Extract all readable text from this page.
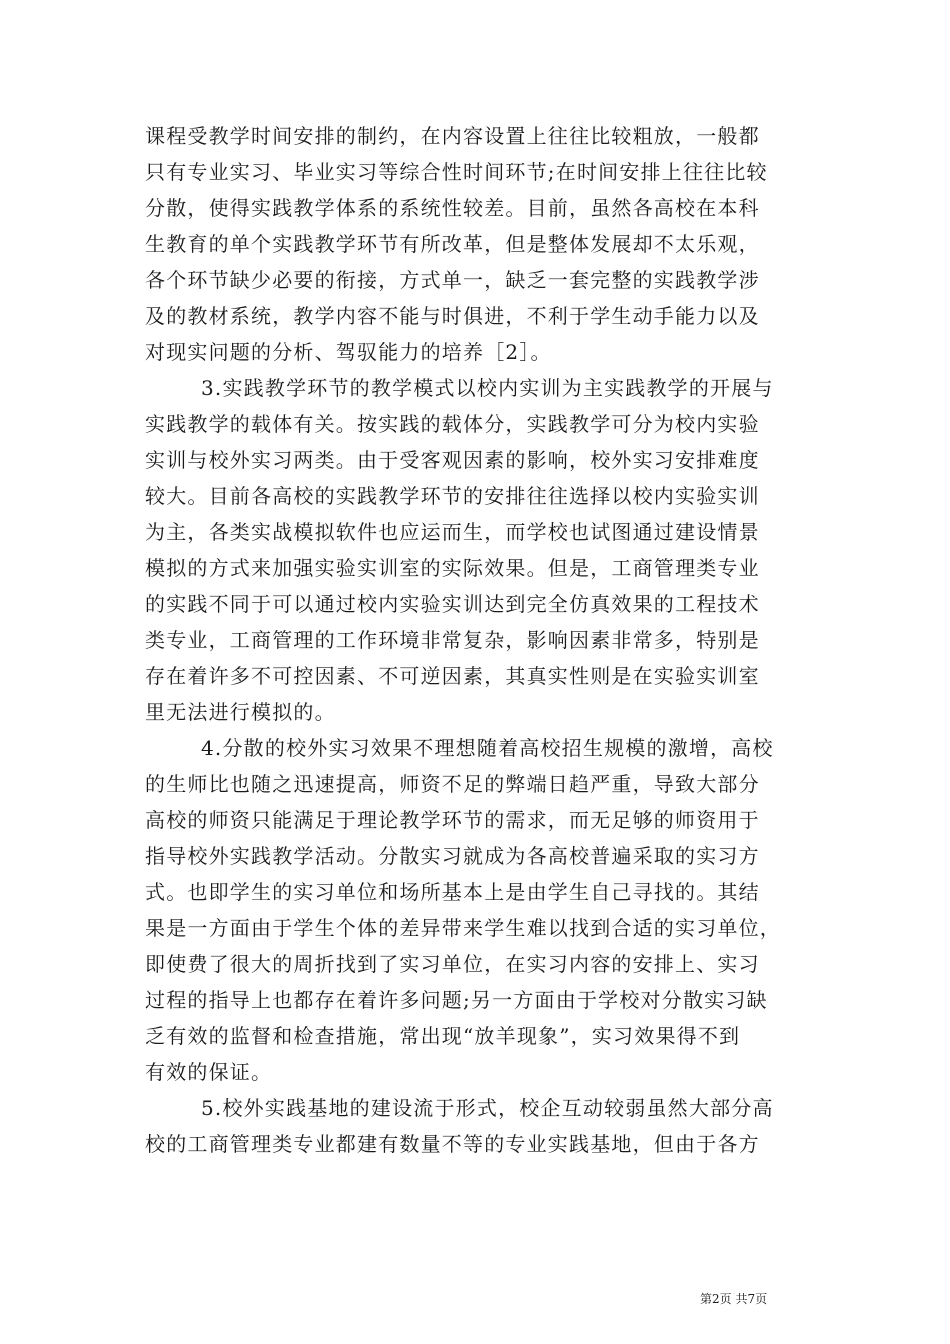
课程受教学时间安排的制约，在内容设置上往往比较粗放，一般都
只有专业实习、毕业实习等综合性时间环节;在时间安排上往往比较
分散，使得实践教学体系的系统性较差。目前，虽然各高校在本科
生教育的单个实践教学环节有所改革，但是整体发展却不太乐观，
各个环节缺少必要的衔接，方式单一，缺乏一套完整的实践教学涉
及的教材系统，教学内容不能与时俱进，不利于学生动手能力以及
对现实问题的分析、驾驭能力的培养［2］。
3.实践教学环节的教学模式以校内实训为主实践教学的开展与
实践教学的载体有关。按实践的载体分，实践教学可分为校内实验
实训与校外实习两类。由于受客观因素的影响，校外实习安排难度
较大。目前各高校的实践教学环节的安排往往选择以校内实验实训
为主，各类实战模拟软件也应运而生，而学校也试图通过建设情景
模拟的方式来加强实验实训室的实际效果。但是，工商管理类专业
的实践不同于可以通过校内实验实训达到完全仿真效果的工程技术
类专业，工商管理的工作环境非常复杂，影响因素非常多，特别是
存在着许多不可控因素、不可逆因素，其真实性则是在实验实训室
里无法进行模拟的。
4.分散的校外实习效果不理想随着高校招生规模的激增，高校
的生师比也随之迅速提高，师资不足的弊端日趋严重，导致大部分
高校的师资只能满足于理论教学环节的需求，而无足够的师资用于
指导校外实践教学活动。分散实习就成为各高校普遍采取的实习方
式。也即学生的实习单位和场所基本上是由学生自己寻找的。其结
果是一方面由于学生个体的差异带来学生难以找到合适的实习单位，
即使费了很大的周折找到了实习单位，在实习内容的安排上、实习
过程的指导上也都存在着许多问题;另一方面由于学校对分散实习缺
乏有效的监督和检查措施，常出现“放羊现象”，实习效果得不到
有效的保证。
5.校外实践基地的建设流于形式，校企互动较弱虽然大部分高
校的工商管理类专业都建有数量不等的专业实践基地，但由于各方
第2页 共7页
